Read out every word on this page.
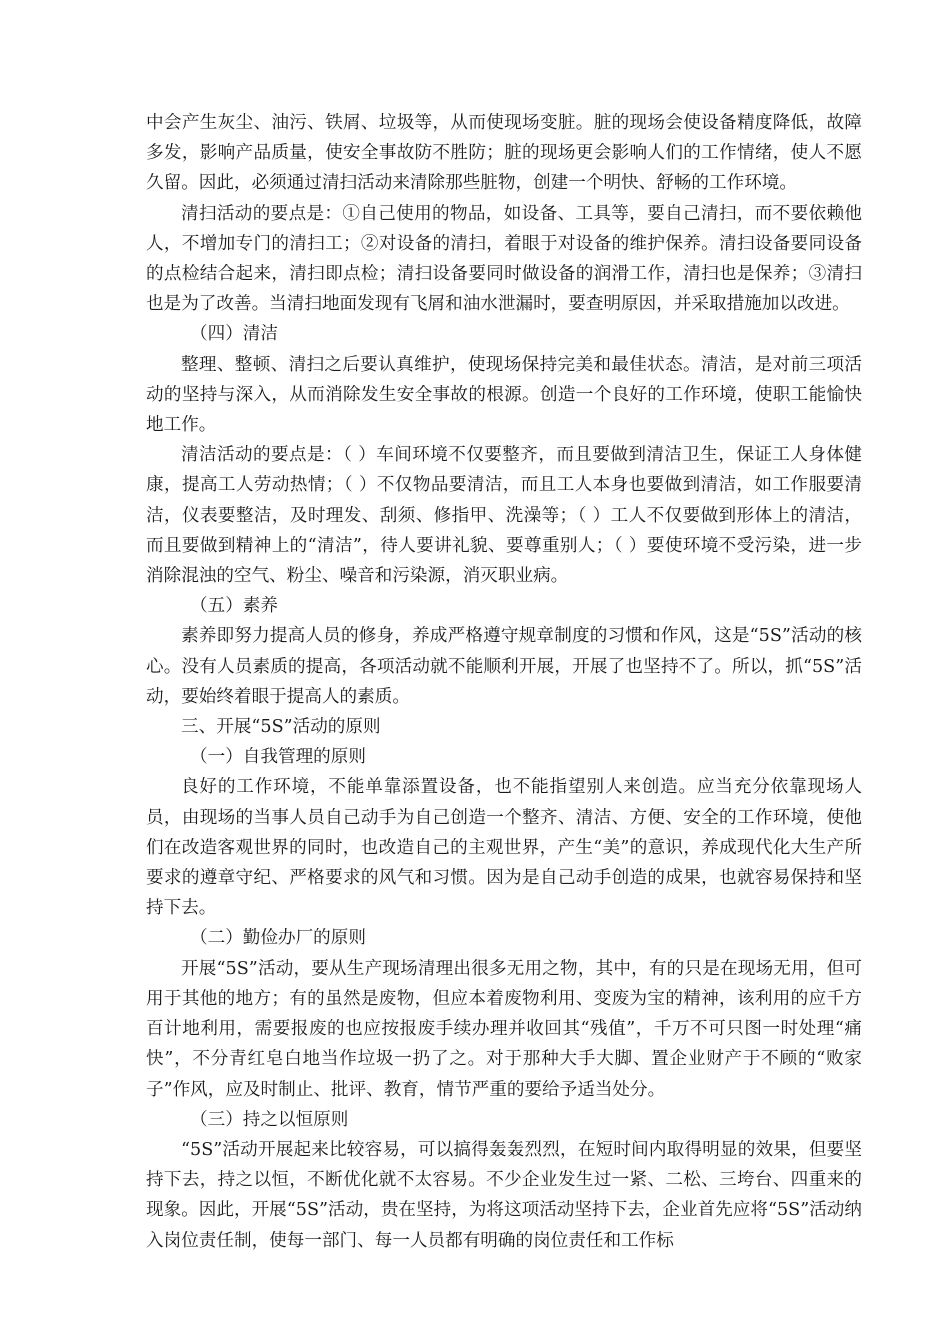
中会产生灰尘、油污、铁屑、垃圾等，从而使现场变脏。脏的现场会使设备精度降低，故障多发，影响产品质量，使安全事故防不胜防；脏的现场更会影响人们的工作情绪，使人不愿久留。因此，必须通过清扫活动来清除那些脏物，创建一个明快、舒畅的工作环境。

清扫活动的要点是：①自己使用的物品，如设备、工具等，要自己清扫，而不要依赖他人，不增加专门的清扫工；②对设备的清扫，着眼于对设备的维护保养。清扫设备要同设备的点检结合起来，清扫即点检；清扫设备要同时做设备的润滑工作，清扫也是保养；③清扫也是为了改善。当清扫地面发现有飞屑和油水泄漏时，要查明原因，并采取措施加以改进。

（四）清洁

整理、整顿、清扫之后要认真维护，使现场保持完美和最佳状态。清洁，是对前三项活动的坚持与深入，从而消除发生安全事故的根源。创造一个良好的工作环境，使职工能愉快地工作。

清洁活动的要点是：（ ）车间环境不仅要整齐，而且要做到清洁卫生，保证工人身体健康，提高工人劳动热情；（ ）不仅物品要清洁，而且工人本身也要做到清洁，如工作服要清洁，仪表要整洁，及时理发、刮须、修指甲、洗澡等；（ ）工人不仅要做到形体上的清洁，而且要做到精神上的“清洁”，待人要讲礼貌、要尊重别人；（ ）要使环境不受污染，进一步消除混浊的空气、粉尘、噪音和污染源，消灭职业病。

（五）素养

素养即努力提高人员的修身，养成严格遵守规章制度的习惯和作风，这是“5S”活动的核心。没有人员素质的提高，各项活动就不能顺利开展，开展了也坚持不了。所以，抓“5S”活动，要始终着眼于提高人的素质。

三、开展“5S”活动的原则

（一）自我管理的原则

良好的工作环境，不能单靠添置设备，也不能指望别人来创造。应当充分依靠现场人员，由现场的当事人员自己动手为自己创造一个整齐、清洁、方便、安全的工作环境，使他们在改造客观世界的同时，也改造自己的主观世界，产生“美”的意识，养成现代化大生产所要求的遵章守纪、严格要求的风气和习惯。因为是自己动手创造的成果，也就容易保持和坚持下去。

（二）勤俭办厂的原则

开展“5S”活动，要从生产现场清理出很多无用之物，其中，有的只是在现场无用，但可用于其他的地方；有的虽然是废物，但应本着废物利用、变废为宝的精神，该利用的应千方百计地利用，需要报废的也应按报废手续办理并收回其“残值”，千万不可只图一时处理“痛快”，不分青红皂白地当作垃圾一扔了之。对于那种大手大脚、置企业财产于不顾的“败家子”作风，应及时制止、批评、教育，情节严重的要给予适当处分。

（三）持之以恒原则

“5S”活动开展起来比较容易，可以搞得轰轰烈烈，在短时间内取得明显的效果，但要坚持下去，持之以恒，不断优化就不太容易。不少企业发生过一紧、二松、三垮台、四重来的现象。因此，开展“5S”活动，贵在坚持，为将这项活动坚持下去，企业首先应将“5S”活动纳入岗位责任制，使每一部门、每一人员都有明确的岗位责任和工作标
